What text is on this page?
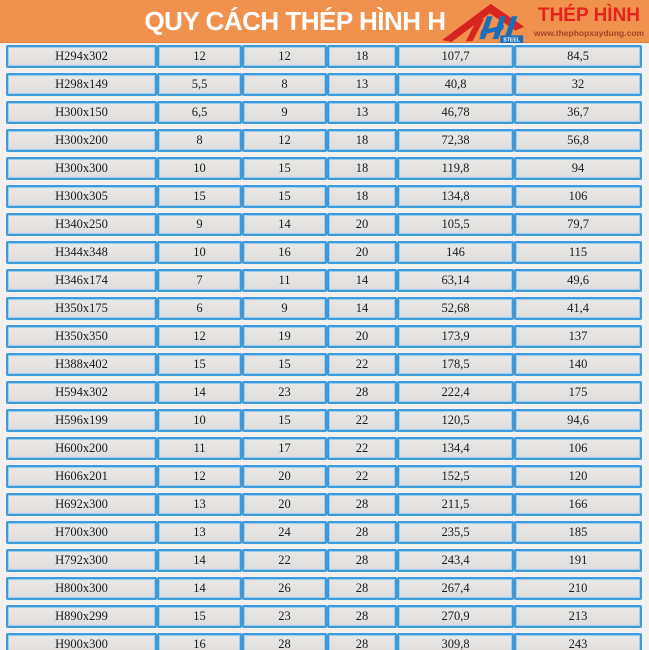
QUY CÁCH THÉP HÌNH H
STEEL
THÉP HÌNH
www.thephopxaydung.com
H294x302	12	12	18	107,7	84,5
H298x149	5,5	8	13	40,8	32
H300x150	6,5	9	13	46,78	36,7
H300x200	8	12	18	72,38	56,8
H300x300	10	15	18	119,8	94
H300x305	15	15	18	134,8	106
H340x250	9	14	20	105,5	79,7
H344x348	10	16	20	146	115
H346x174	7	11	14	63,14	49,6
H350x175	6	9	14	52,68	41,4
H350x350	12	19	20	173,9	137
H388x402	15	15	22	178,5	140
H594x302	14	23	28	222,4	175
H596x199	10	15	22	120,5	94,6
H600x200	11	17	22	134,4	106
H606x201	12	20	22	152,5	120
H692x300	13	20	28	211,5	166
H700x300	13	24	28	235,5	185
H792x300	14	22	28	243,4	191
H800x300	14	26	28	267,4	210
H890x299	15	23	28	270,9	213
H900x300	16	28	28	309,8	243
